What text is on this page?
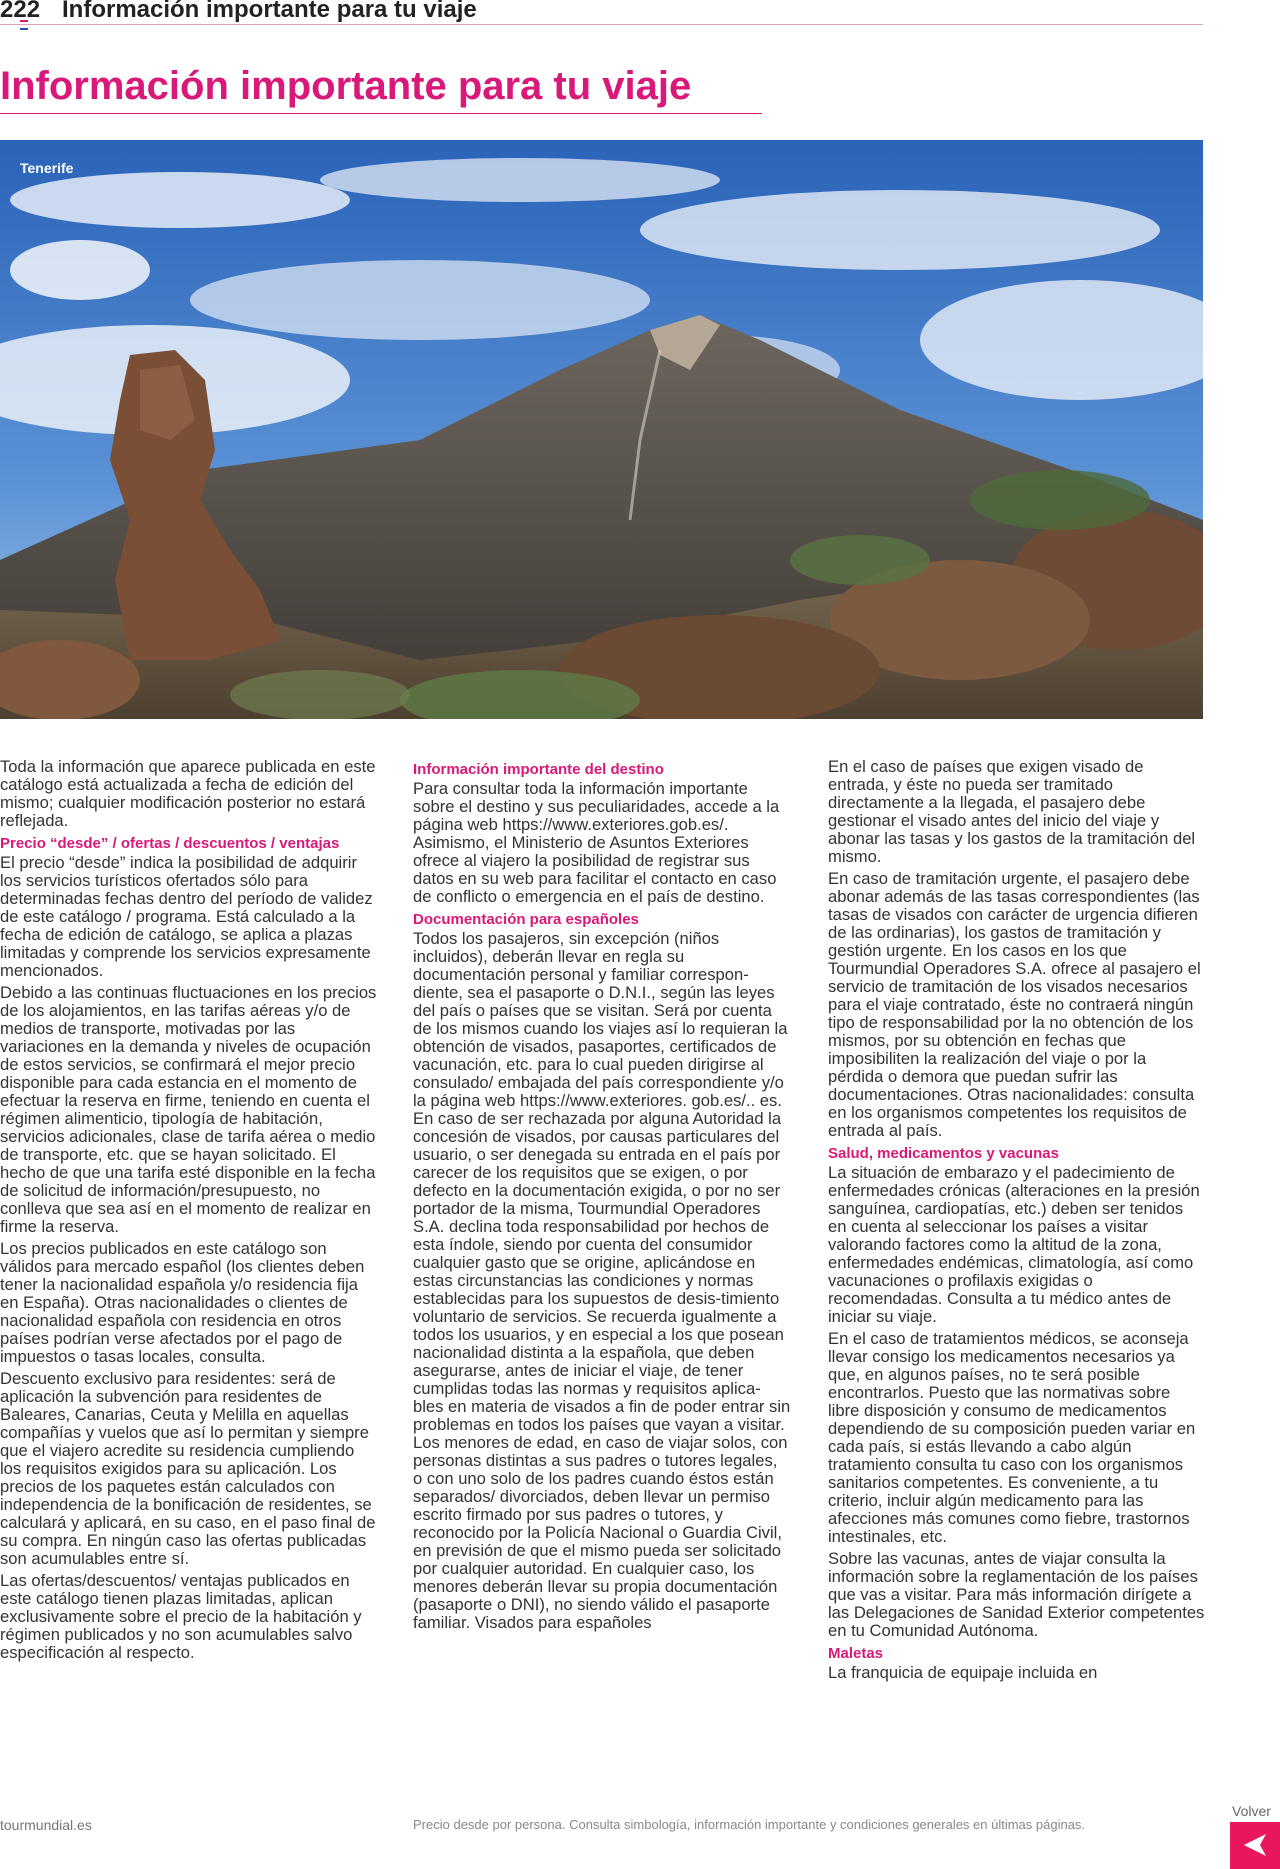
222 Información importante para tu viaje
Información importante para tu viaje
Tenerife

Toda la información que aparece publicada en este catálogo está actualizada a fecha de edición del mismo; cualquier modificación posterior no estará reflejada.

Precio “desde” / ofertas / descuentos / ventajas

El precio “desde” indica la posibilidad de adquirir los servicios turísticos ofertados sólo para determinadas fechas dentro del período de validez de este catálogo / programa. Está calculado a la fecha de edición de catálogo, se aplica a plazas limitadas y comprende los servicios expresamente mencionados.

Debido a las continuas fluctuaciones en los precios de los alojamientos, en las tarifas aéreas y/o de medios de transporte, motivadas por las variaciones en la demanda y niveles de ocupación de estos servicios, se confirmará el mejor precio disponible para cada estancia en el momento de efectuar la reserva en firme, teniendo en cuenta el régimen alimenticio, tipología de habitación, servicios adicionales, clase de tarifa aérea o medio de transporte, etc. que se hayan solicitado. El hecho de que una tarifa esté disponible en la fecha de solicitud de información/presupuesto, no conlleva que sea así en el momento de realizar en firme la reserva.

Los precios publicados en este catálogo son válidos para mercado español (los clientes deben tener la nacionalidad española y/o residencia fija en España). Otras nacionalidades o clientes de nacionalidad española con residencia en otros países podrían verse afectados por el pago de impuestos o tasas locales, consulta.

Descuento exclusivo para residentes: será de aplicación la subvención para residentes de Baleares, Canarias, Ceuta y Melilla en aquellas compañías y vuelos que así lo permitan y siempre que el viajero acredite su residencia cumpliendo los requisitos exigidos para su aplicación. Los precios de los paquetes están calculados con independencia de la bonificación de residentes, se calculará y aplicará, en su caso, en el paso final de su compra. En ningún caso las ofertas publicadas son acumulables entre sí.

Las ofertas/descuentos/ ventajas publicados en este catálogo tienen plazas limitadas, aplican exclusivamente sobre el precio de la habitación y régimen publicados y no son acumulables salvo especificación al respecto.

Información importante del destino

Para consultar toda la información importante sobre el destino y sus peculiaridades, accede a la página web https://www.exteriores.gob.es/. Asimismo, el Ministerio de Asuntos Exteriores ofrece al viajero la posibilidad de registrar sus datos en su web para facilitar el contacto en caso de conflicto o emergencia en el país de destino.

Documentación para españoles

Todos los pasajeros, sin excepción (niños incluidos), deberán llevar en regla su documentación personal y familiar correspon-diente, sea el pasaporte o D.N.I., según las leyes del país o países que se visitan. Será por cuenta de los mismos cuando los viajes así lo requieran la obtención de visados, pasaportes, certificados de vacunación, etc. para lo cual pueden dirigirse al consulado/ embajada del país correspondiente y/o la página web https://www.exteriores. gob.es/.. es. En caso de ser rechazada por alguna Autoridad la concesión de visados, por causas particulares del usuario, o ser denegada su entrada en el país por carecer de los requisitos que se exigen, o por defecto en la documentación exigida, o por no ser portador de la misma, Tourmundial Operadores S.A. declina toda responsabilidad por hechos de esta índole, siendo por cuenta del consumidor cualquier gasto que se origine, aplicándose en estas circunstancias las condiciones y normas establecidas para los supuestos de desis-timiento voluntario de servicios. Se recuerda igualmente a todos los usuarios, y en especial a los que posean nacionalidad distinta a la española, que deben asegurarse, antes de iniciar el viaje, de tener cumplidas todas las normas y requisitos aplica-bles en materia de visados a fin de poder entrar sin problemas en todos los países que vayan a visitar. Los menores de edad, en caso de viajar solos, con personas distintas a sus padres o tutores legales, o con uno solo de los padres cuando éstos están separados/ divorciados, deben llevar un permiso escrito firmado por sus padres o tutores, y reconocido por la Policía Nacional o Guardia Civil, en previsión de que el mismo pueda ser solicitado por cualquier autoridad. En cualquier caso, los menores deberán llevar su propia documentación (pasaporte o DNI), no siendo válido el pasaporte familiar. Visados para españoles

En el caso de países que exigen visado de entrada, y éste no pueda ser tramitado directamente a la llegada, el pasajero debe gestionar el visado antes del inicio del viaje y abonar las tasas y los gastos de la tramitación del mismo.

En caso de tramitación urgente, el pasajero debe abonar además de las tasas correspondientes (las tasas de visados con carácter de urgencia difieren de las ordinarias), los gastos de tramitación y gestión urgente. En los casos en los que Tourmundial Operadores S.A. ofrece al pasajero el servicio de tramitación de los visados necesarios para el viaje contratado, éste no contraerá ningún tipo de responsabilidad por la no obtención de los mismos, por su obtención en fechas que imposibiliten la realización del viaje o por la pérdida o demora que puedan sufrir las documentaciones. Otras nacionalidades: consulta en los organismos competentes los requisitos de entrada al país.

Salud, medicamentos y vacunas

La situación de embarazo y el padecimiento de enfermedades crónicas (alteraciones en la presión sanguínea, cardiopatías, etc.) deben ser tenidos en cuenta al seleccionar los países a visitar valorando factores como la altitud de la zona, enfermedades endémicas, climatología, así como vacunaciones o profilaxis exigidas o recomendadas. Consulta a tu médico antes de iniciar su viaje.

En el caso de tratamientos médicos, se aconseja llevar consigo los medicamentos necesarios ya que, en algunos países, no te será posible encontrarlos. Puesto que las normativas sobre libre disposición y consumo de medicamentos dependiendo de su composición pueden variar en cada país, si estás llevando a cabo algún tratamiento consulta tu caso con los organismos sanitarios competentes. Es conveniente, a tu criterio, incluir algún medicamento para las afecciones más comunes como fiebre, trastornos intestinales, etc.

Sobre las vacunas, antes de viajar consulta la información sobre la reglamentación de los países que vas a visitar. Para más información dirígete a las Delegaciones de Sanidad Exterior competentes en tu Comunidad Autónoma.

Maletas

La franquicia de equipaje incluida en

tourmundial.es	Precio desde por persona. Consulta simbología, información importante y condiciones generales en últimas páginas.
Volver
